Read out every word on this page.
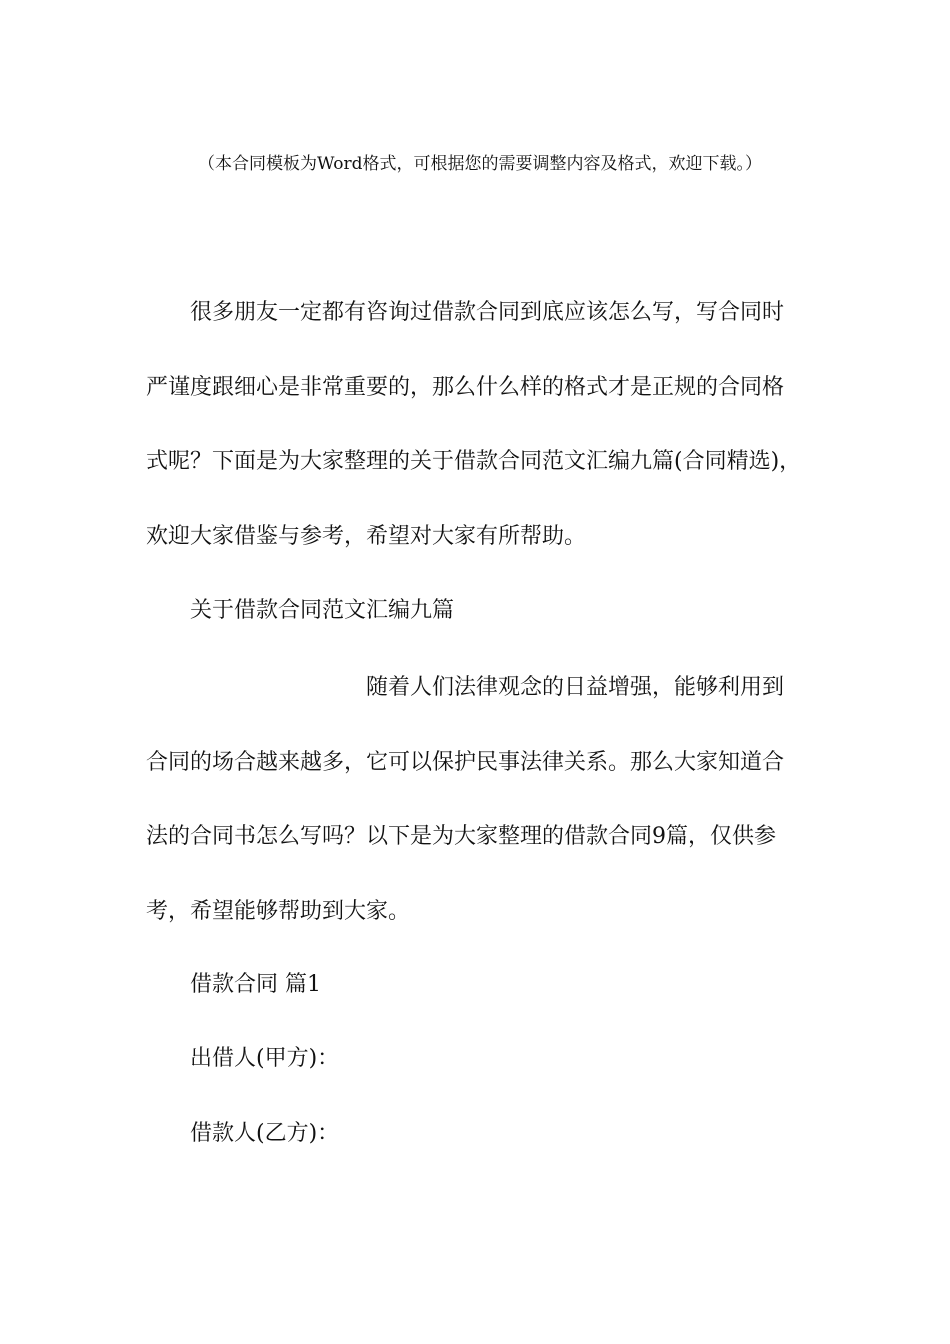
（本合同模板为Word格式，可根据您的需要调整内容及格式，欢迎下载。）
很多朋友一定都有咨询过借款合同到底应该怎么写，写合同时
严谨度跟细心是非常重要的，那么什么样的格式才是正规的合同格
式呢？下面是为大家整理的关于借款合同范文汇编九篇(合同精选)，
欢迎大家借鉴与参考，希望对大家有所帮助。
关于借款合同范文汇编九篇
随着人们法律观念的日益增强，能够利用到
合同的场合越来越多，它可以保护民事法律关系。那么大家知道合
法的合同书怎么写吗？以下是为大家整理的借款合同9篇，仅供参
考，希望能够帮助到大家。
借款合同 篇1
出借人(甲方)：
借款人(乙方)：
